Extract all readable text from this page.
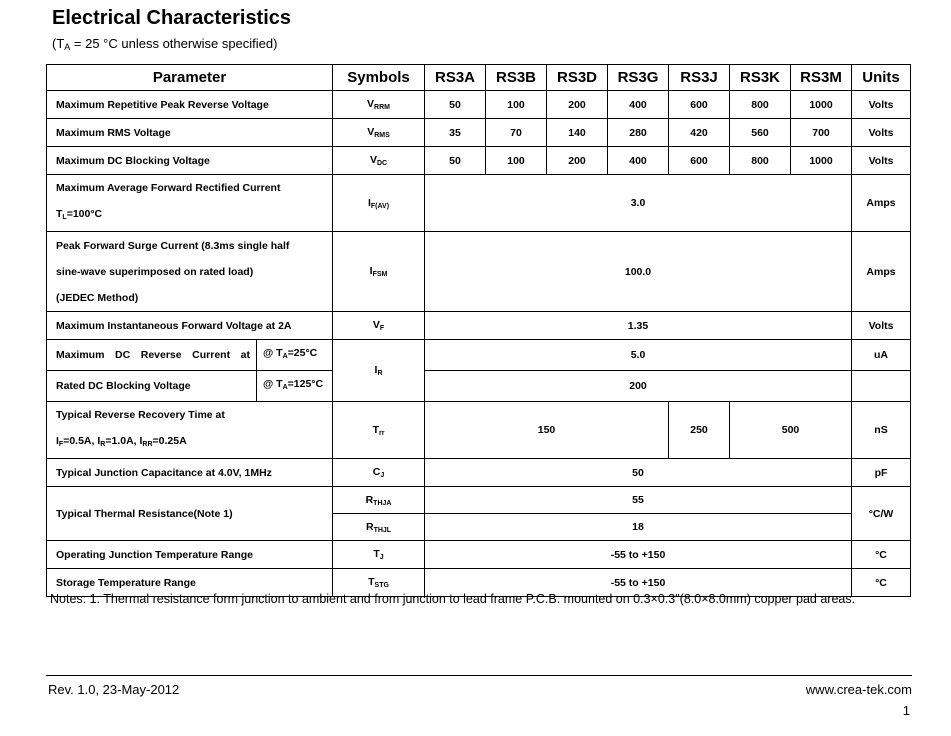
Electrical Characteristics
($T_A = 25$ °C unless otherwise specified)
Parameter		Symbols	RS3A	RS3B	RS3D	RS3G	RS3J	RS3K	RS3M	Units
Maximum Repetitive Peak Reverse Voltage		$V_{RRM}$	50	100	200	400	600	800	1000	Volts
Maximum RMS Voltage		$V_{RMS}$	35	70	140	280	420	560	700	Volts
Maximum DC Blocking Voltage		$V_{DC}$	50	100	200	400	600	800	1000	Volts

Maximum Average Forward Rectified Current
$T_L=100^\circ C$		$I_{F(AV)}$	3.0							Amps

Peak Forward Surge Current (8.3ms single half
sine-wave superimposed on rated load)
(JEDEC Method)		$I_{FSM}$	100.0							Amps
Maximum Instantaneous Forward Voltage at 2A		$V_F$	1.35							Volts
Maximum DC Reverse Current at	@ $T_A=25^\circ C$	$I_R$	5.0							uA
Rated DC Blocking Voltage	@ $T_A=125^\circ C$		200							

Typical Reverse Recovery Time at
$I_F=0.5A$, $I_R=1.0A$, $I_{RR}=0.25A$		$T_{rr}$	150				250	500		nS
Typical Junction Capacitance at 4.0V, 1MHz		$C_J$	50							pF
Typical Thermal Resistance(Note 1)		$R_{THJA}$	55							°C/W
		$R_{THJL}$	18							
Operating Junction Temperature Range		$T_J$	-55 to +150							°C
Storage Temperature Range		$T_{STG}$	-55 to +150							°C
Notes: 1. Thermal resistance form junction to ambient and from junction to lead frame P.C.B. mounted on 0.3×0.3"(8.0×8.0mm) copper pad areas.
Rev. 1.0, 23-May-2012	www.crea-tek.com
1
